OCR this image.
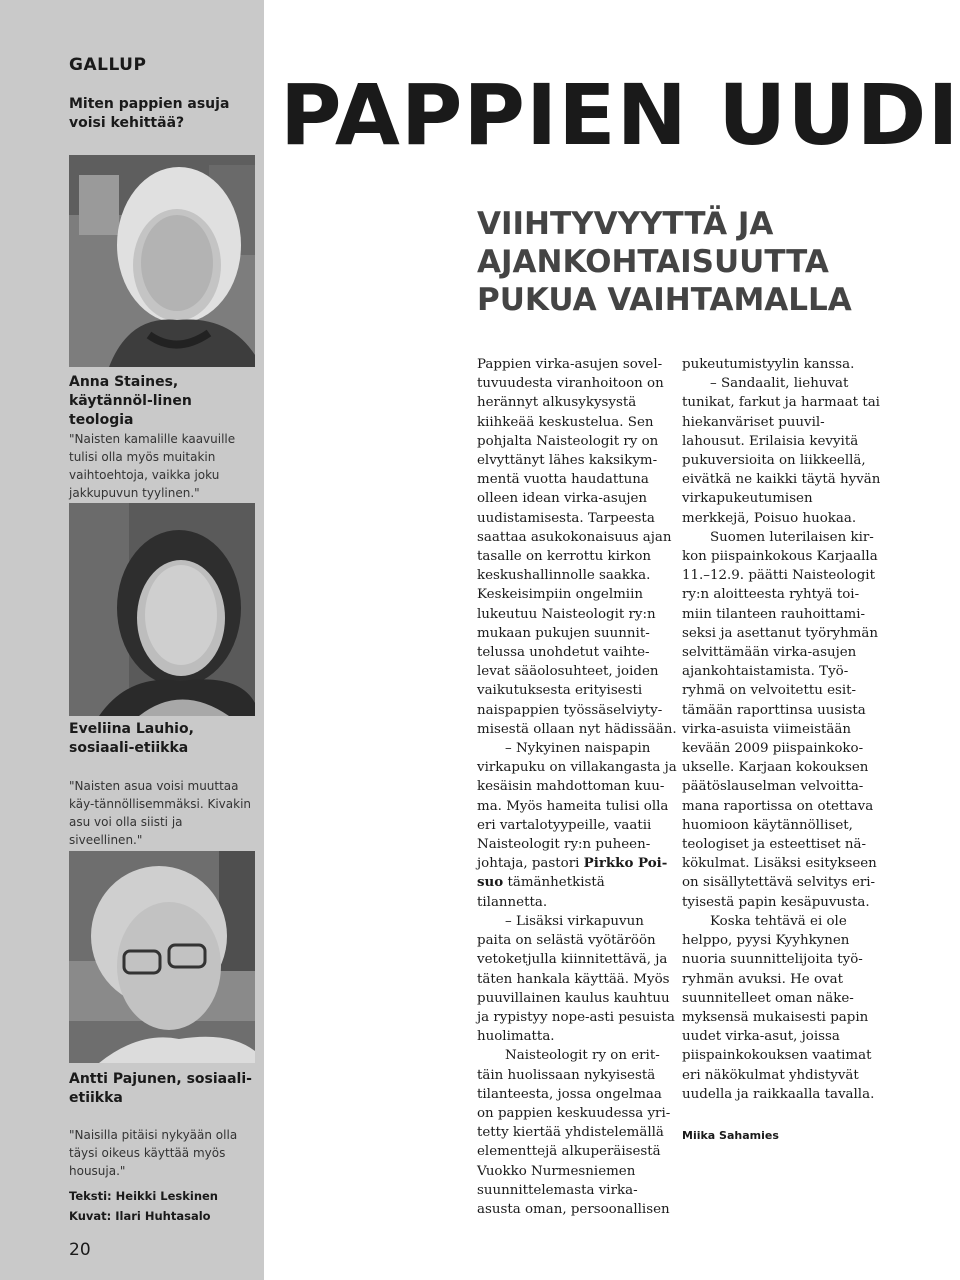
GALLUP
Miten pappien asuja voisi kehittää?
Anna Staines, käytännöl-linen teologia
"Naisten kamalille kaavuille tulisi olla myös muitakin vaihtoehtoja, vaikka joku jakkupuvun tyylinen."
Eveliina Lauhio, sosiaali-etiikka
"Naisten asua voisi muuttaa käy-tännöllisemmäksi. Kivakin asu voi olla siisti ja siveellinen."
Antti Pajunen, sosiaali-etiikka
"Naisilla pitäisi nykyään olla täysi oikeus käyttää myös housuja."
Teksti: Heikki Leskinen
Kuvat: Ilari Huhtasalo
20
PAPPIEN UUDI
VIIHTYVYYTTÄ JA
AJANKOHTAISUUTTA
PUKUA VAIHTAMALLA

Pappien virka-asujen sovel-tuvuudesta viranhoitoon on herännyt alkusykysystä kiihkeää keskustelua. Sen pohjalta Naisteologit ry on elvyttänyt lähes kaksikym-mentä vuotta haudattuna olleen idean virka-asujen uudistamisesta. Tarpeesta saattaa asukokonaisuus ajan tasalle on kerrottu kirkon keskushallinnolle saakka. Keskeisimpiin ongelmiin lukeutuu Naisteologit ry:n mukaan pukujen suunnit-telussa unohdetut vaihte-levat sääolosuhteet, joiden vaikutuksesta erityisesti naispappien työssäselviyty-misestä ollaan nyt hädissään.

– Nykyinen naispapin virkapuku on villakangasta ja kesäisin mahdottoman kuu-ma. Myös hameita tulisi olla eri vartalotyypeille, vaatii Naisteologit ry:n puheen-johtaja, pastori Pirkko Poi-suo tämänhetkistä tilannetta.

– Lisäksi virkapuvun paita on selästä vyötäröön vetoketjulla kiinnitettävä, ja täten hankala käyttää. Myös puuvillainen kaulus kauhtuu ja rypistyy nope-asti pesuista huolimatta.

Naisteologit ry on erit-täin huolissaan nykyisestä tilanteesta, jossa ongelmaa on pappien keskuudessa yri-tetty kiertää yhdistelemällä elementtejä alkuperäisestä Vuokko Nurmesniemen suunnittelemasta virka-asusta oman, persoonallisen

pukeutumistyylin kanssa.

– Sandaalit, liehuvat tunikat, farkut ja harmaat tai hiekanväriset puuvil-lahousut. Erilaisia kevyitä pukuversioita on liikkeellä, eivätkä ne kaikki täytä hyvän virkapukeutumisen merkkejä, Poisuo huokaa.

Suomen luterilaisen kir-kon piispainkokous Karjaalla 11.–12.9. päätti Naisteologit ry:n aloitteesta ryhtyä toi-miin tilanteen rauhoittami-seksi ja asettanut työryhmän selvittämään virka-asujen ajankohtaistamista. Työ-ryhmä on velvoitettu esit-tämään raporttinsa uusista virka-asuista viimeistään kevään 2009 piispainkoko-ukselle. Karjaan kokouksen päätöslauselman velvoitta-mana raportissa on otettava huomioon käytännölliset, teologiset ja esteettiset nä-kökulmat. Lisäksi esitykseen on sisällytettävä selvitys eri-tyisestä papin kesäpuvusta.

Koska tehtävä ei ole helppo, pyysi Kyyhkynen nuoria suunnittelijoita työ-ryhmän avuksi. He ovat suunnitelleet oman näke-myksensä mukaisesti papin uudet virka-asut, joissa piispainkokouksen vaatimat eri näkökulmat yhdistyvät uudella ja raikkaalla tavalla.

Miika Sahamies
